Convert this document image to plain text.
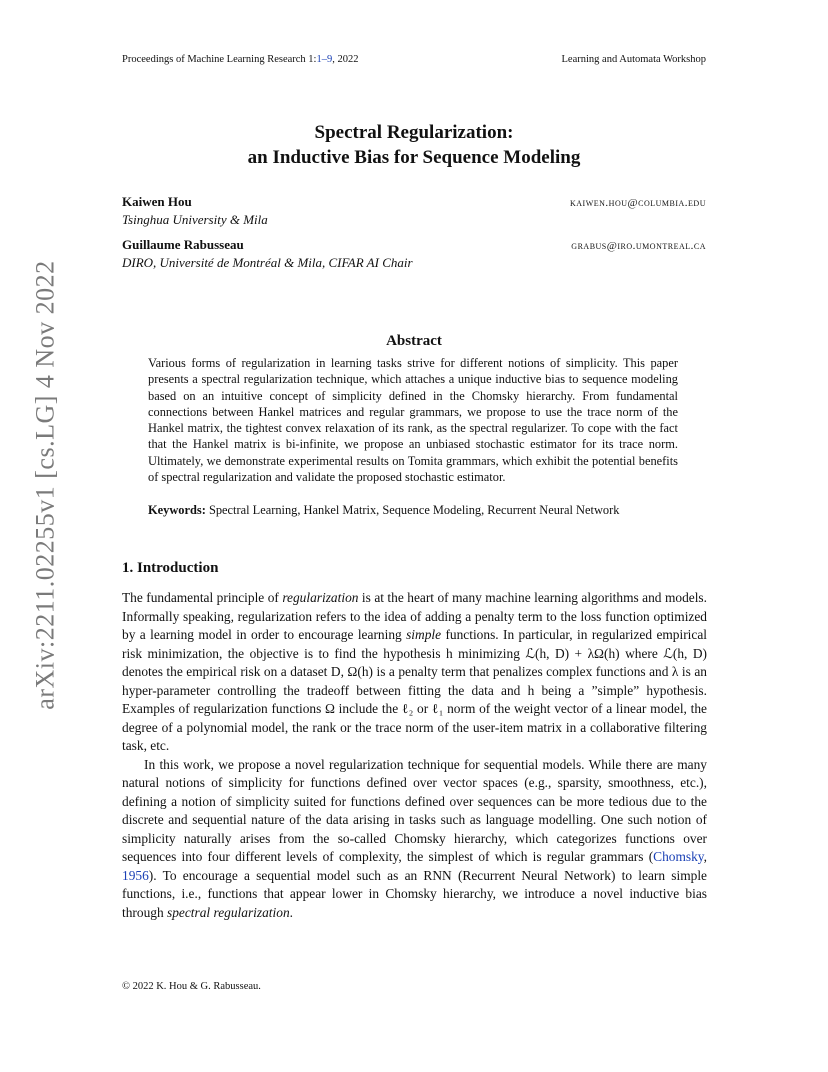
Proceedings of Machine Learning Research 1:1–9, 2022	Learning and Automata Workshop
arXiv:2211.02255v1 [cs.LG] 4 Nov 2022
Spectral Regularization:
an Inductive Bias for Sequence Modeling
Kaiwen Hou	kaiwen.hou@columbia.edu
Tsinghua University & Mila
Guillaume Rabusseau	grabus@iro.umontreal.ca
DIRO, Université de Montréal & Mila, CIFAR AI Chair
Abstract
Various forms of regularization in learning tasks strive for different notions of simplicity. This paper presents a spectral regularization technique, which attaches a unique inductive bias to sequence modeling based on an intuitive concept of simplicity defined in the Chomsky hierarchy. From fundamental connections between Hankel matrices and regular grammars, we propose to use the trace norm of the Hankel matrix, the tightest convex relaxation of its rank, as the spectral regularizer. To cope with the fact that the Hankel matrix is bi-infinite, we propose an unbiased stochastic estimator for its trace norm. Ultimately, we demonstrate experimental results on Tomita grammars, which exhibit the potential benefits of spectral regularization and validate the proposed stochastic estimator.
Keywords: Spectral Learning, Hankel Matrix, Sequence Modeling, Recurrent Neural Network
1. Introduction

The fundamental principle of regularization is at the heart of many machine learning algorithms and models. Informally speaking, regularization refers to the idea of adding a penalty term to the loss function optimized by a learning model in order to encourage learning simple functions. In particular, in regularized empirical risk minimization, the objective is to find the hypothesis h minimizing ℒ(h, D) + λΩ(h) where ℒ(h, D) denotes the empirical risk on a dataset D, Ω(h) is a penalty term that penalizes complex functions and λ is an hyper-parameter controlling the tradeoff between fitting the data and h being a ”simple” hypothesis. Examples of regularization functions Ω include the ℓ₂ or ℓ₁ norm of the weight vector of a linear model, the degree of a polynomial model, the rank or the trace norm of the user-item matrix in a collaborative filtering task, etc.

In this work, we propose a novel regularization technique for sequential models. While there are many natural notions of simplicity for functions defined over vector spaces (e.g., sparsity, smoothness, etc.), defining a notion of simplicity suited for functions defined over sequences can be more tedious due to the discrete and sequential nature of the data arising in tasks such as language modelling. One such notion of simplicity naturally arises from the so-called Chomsky hierarchy, which categorizes functions over sequences into four different levels of complexity, the simplest of which is regular grammars (Chomsky, 1956). To encourage a sequential model such as an RNN (Recurrent Neural Network) to learn simple functions, i.e., functions that appear lower in Chomsky hierarchy, we introduce a novel inductive bias through spectral regularization.

© 2022 K. Hou & G. Rabusseau.
